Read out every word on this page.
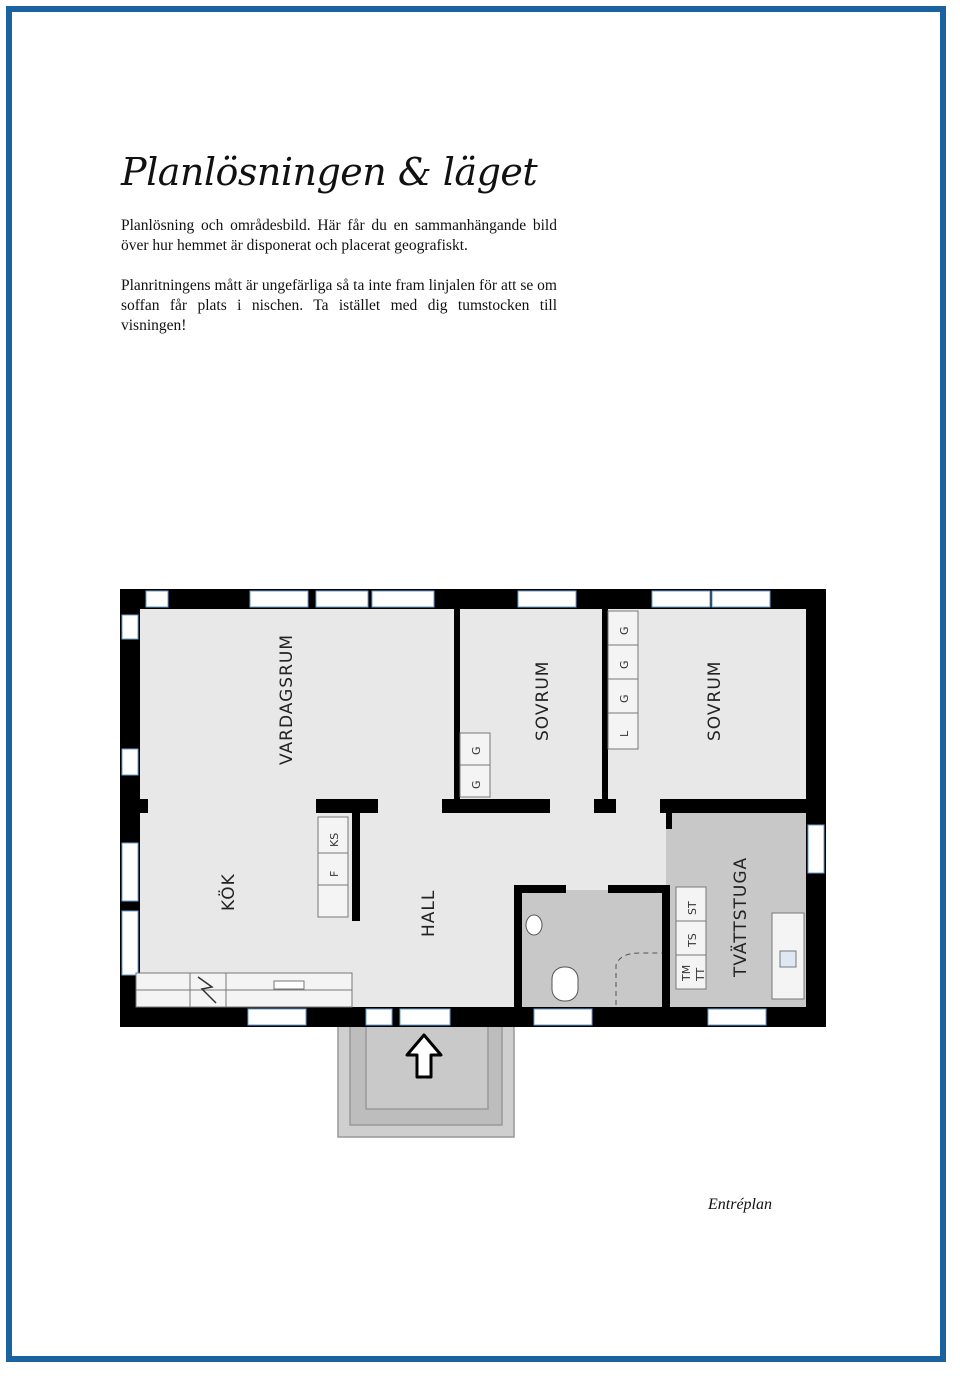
Planlösningen & läget

Planlösning och områdesbild. Här får du en sammanhängande bild över hur hemmet är disponerat och placerat geografiskt.

Planritningens mått är ungefärliga så ta inte fram linjalen för att se om soffan får plats i nischen. Ta istället med dig tumstocken till visningen!

F
KS
G
G
G
G
G
L
ST
TS
TM TT
VARDAGSRUM
KÖK	HALL
SOVRUM	SOVRUM
TVÄTTSTUGA
Entréplan
